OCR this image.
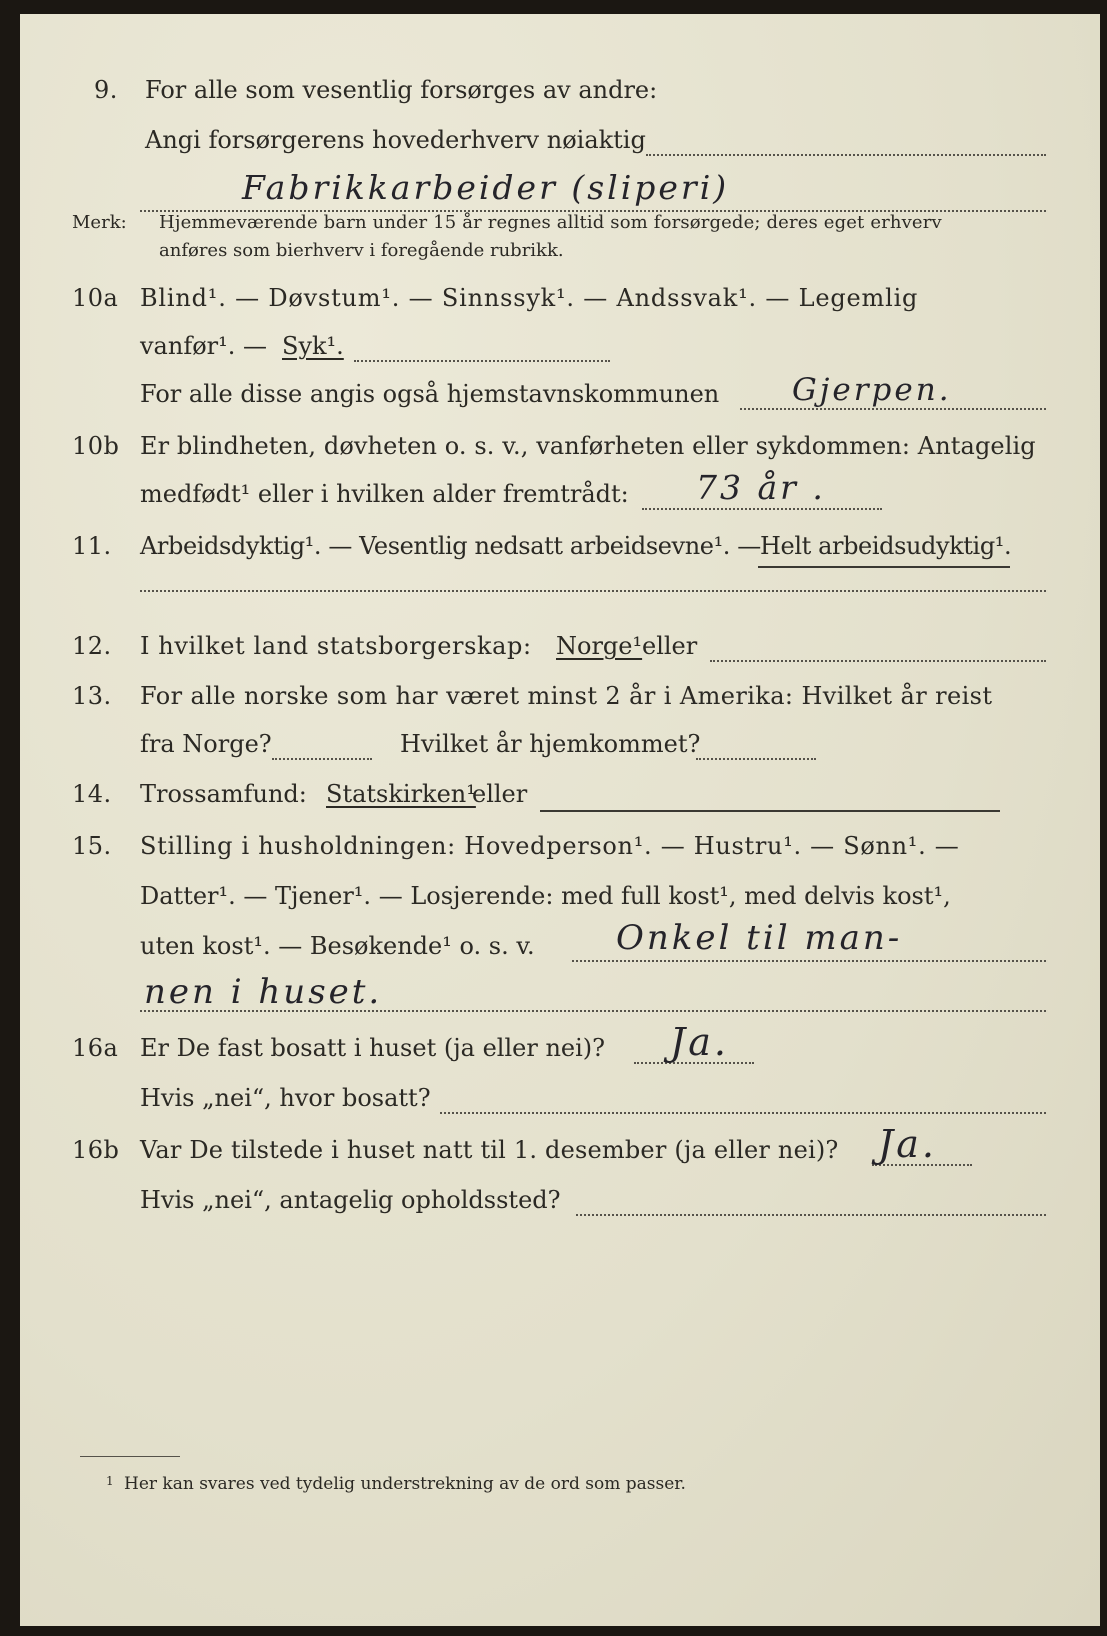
9. For alle som vesentlig forsørges av andre:
Angi forsørgerens hovederhverv nøiaktig
Fabrikkarbeider (sliperi)
Merk: Hjemmeværende barn under 15 år regnes alltid som forsørgede; deres eget erhverv
anføres som bierhverv i foregående rubrikk.
10a Blind¹. — Døvstum¹. — Sinnssyk¹. — Andssvak¹. — Legemlig
vanfør¹. — Syk¹.
For alle disse angis også hjemstavnskommunen Gjerpen.
10b Er blindheten, døvheten o. s. v., vanførheten eller sykdommen: Antagelig
medfødt¹ eller i hvilken alder fremtrådt: 73 år .
11. Arbeidsdyktig¹. — Vesentlig nedsatt arbeidsevne¹. — Helt arbeidsudyktig¹.
12. I hvilket land statsborgerskap: Norge¹ eller
13. For alle norske som har været minst 2 år i Amerika: Hvilket år reist
fra Norge?	Hvilket år hjemkommet?
14. Trossamfund: Statskirken¹
eller
15. Stilling i husholdningen: Hovedperson¹. — Hustru¹. — Sønn¹. —
Datter¹. — Tjener¹. — Losjerende: med full kost¹, med delvis kost¹,
uten kost¹. — Besøkende¹ o. s. v. Onkel til man-
nen i huset.
16a Er De fast bosatt i huset (ja eller nei)? Ja.
Hvis „nei“, hvor bosatt?
16b Var De tilstede i huset natt til 1. desember (ja eller nei)? Ja.
Hvis „nei“, antagelig opholdssted?
1 Her kan svares ved tydelig understrekning av de ord som passer.
